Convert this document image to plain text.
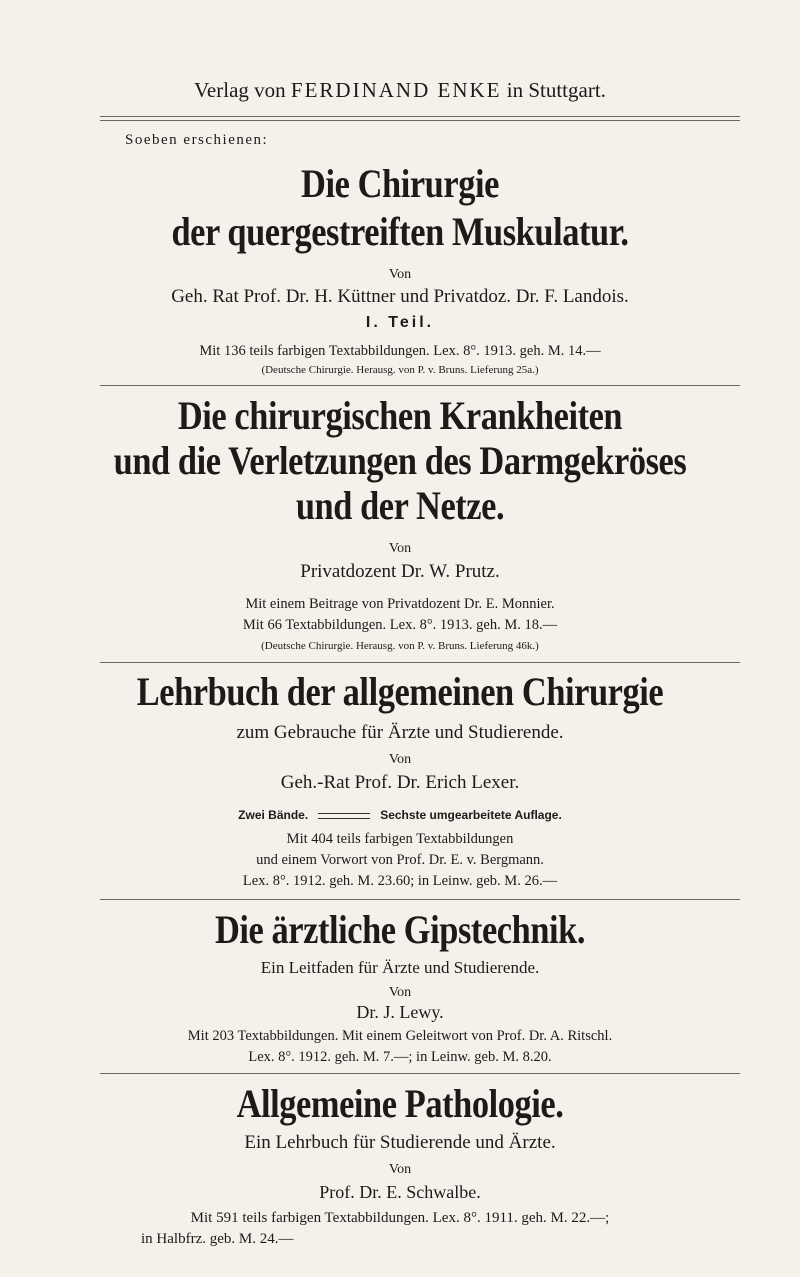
Verlag von FERDINAND ENKE in Stuttgart.
Soeben erschienen:
Die Chirurgie
der quergestreiften Muskulatur.
Von
Geh. Rat Prof. Dr. H. Küttner und Privatdoz. Dr. F. Landois.
I. Teil.
Mit 136 teils farbigen Textabbildungen. Lex. 8°. 1913. geh. M. 14.—
(Deutsche Chirurgie. Herausg. von P. v. Bruns. Lieferung 25a.)
Die chirurgischen Krankheiten
und die Verletzungen des Darmgekröses
und der Netze.
Von
Privatdozent Dr. W. Prutz.
Mit einem Beitrage von Privatdozent Dr. E. Monnier.
Mit 66 Textabbildungen. Lex. 8°. 1913. geh. M. 18.—
(Deutsche Chirurgie. Herausg. von P. v. Bruns. Lieferung 46k.)
Lehrbuch der allgemeinen Chirurgie
zum Gebrauche für Ärzte und Studierende.
Von
Geh.-Rat Prof. Dr. Erich Lexer.
Zwei Bände.	Sechste umgearbeitete Auflage.
Mit 404 teils farbigen Textabbildungen
und einem Vorwort von Prof. Dr. E. v. Bergmann.
Lex. 8°. 1912. geh. M. 23.60; in Leinw. geb. M. 26.—
Die ärztliche Gipstechnik.
Ein Leitfaden für Ärzte und Studierende.
Von
Dr. J. Lewy.
Mit 203 Textabbildungen. Mit einem Geleitwort von Prof. Dr. A. Ritschl.
Lex. 8°. 1912. geh. M. 7.—; in Leinw. geb. M. 8.20.
Allgemeine Pathologie.
Ein Lehrbuch für Studierende und Ärzte.
Von
Prof. Dr. E. Schwalbe.
Mit 591 teils farbigen Textabbildungen. Lex. 8°. 1911. geh. M. 22.—;
in Halbfrz. geb. M. 24.—
